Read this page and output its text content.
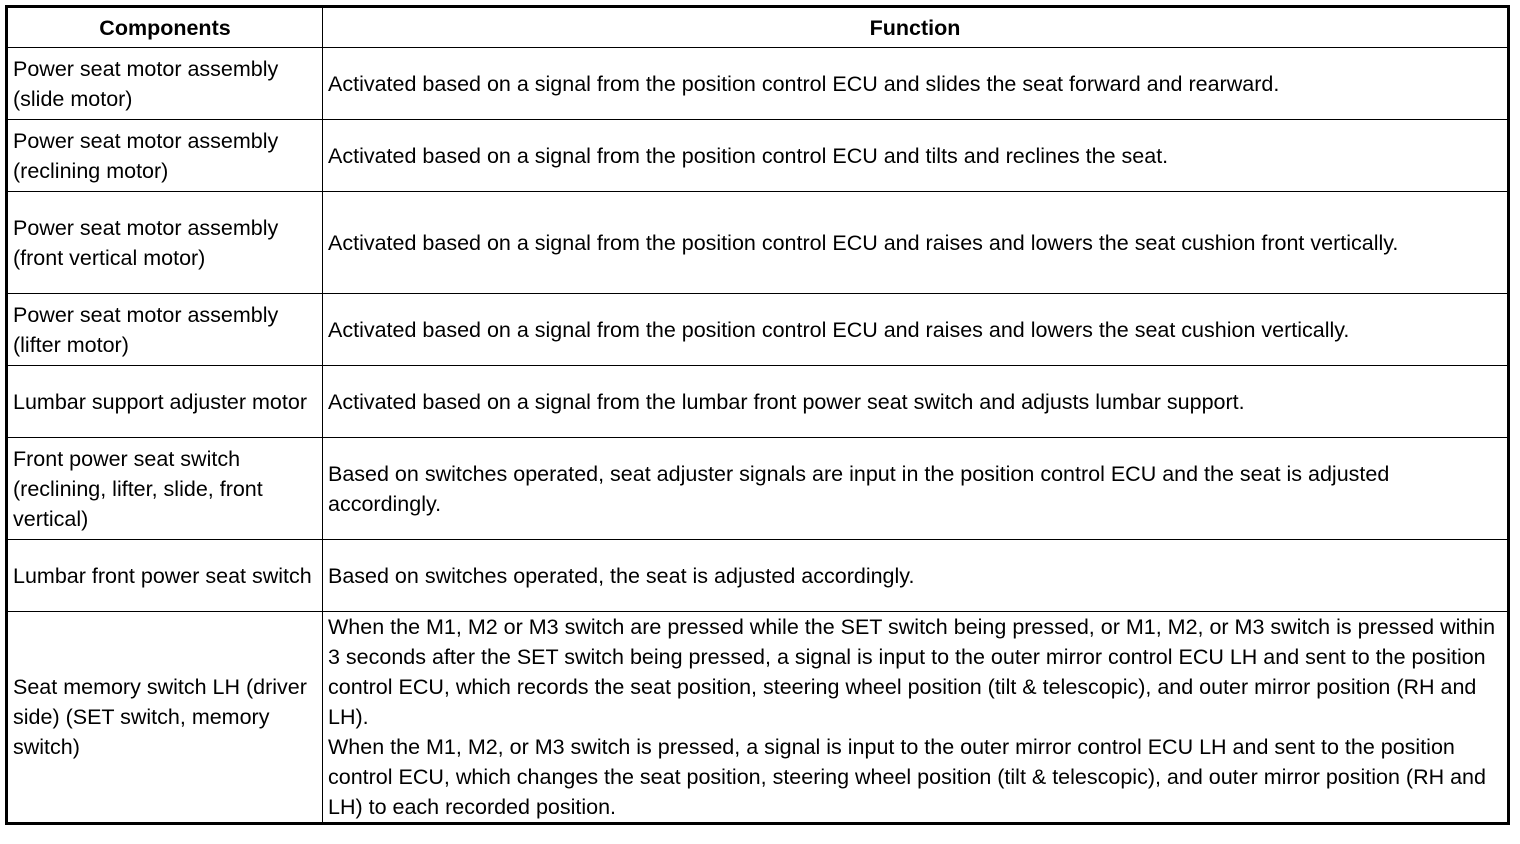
Components	Function
Power seat motor assembly (slide motor)	Activated based on a signal from the position control ECU and slides the seat forward and rearward.

Power seat motor assembly (reclining motor)	Activated based on a signal from the position control ECU and tilts and reclines the seat.

Power seat motor assembly (front vertical motor)	Activated based on a signal from the position control ECU and raises and lowers the seat cushion front vertically.

Power seat motor assembly (lifter motor)	Activated based on a signal from the position control ECU and raises and lowers the seat cushion vertically.

Lumbar support adjuster motor	Activated based on a signal from the lumbar front power seat switch and adjusts lumbar support.

Front power seat switch (reclining, lifter, slide, front vertical)	Based on switches operated, seat adjuster signals are input in the position control ECU and the seat is adjusted accordingly.

Lumbar front power seat switch	Based on switches operated, the seat is adjusted accordingly.

Seat memory switch LH (driver side) (SET switch, memory switch)	When the M1, M2 or M3 switch are pressed while the SET switch being pressed, or M1, M2, or M3 switch is pressed within 3 seconds after the SET switch being pressed, a signal is input to the outer mirror control ECU LH and sent to the position control ECU, which records the seat position, steering wheel position (tilt & telescopic), and outer mirror position (RH and LH).
When the M1, M2, or M3 switch is pressed, a signal is input to the outer mirror control ECU LH and sent to the position control ECU, which changes the seat position, steering wheel position (tilt & telescopic), and outer mirror position (RH and LH) to each recorded position.
